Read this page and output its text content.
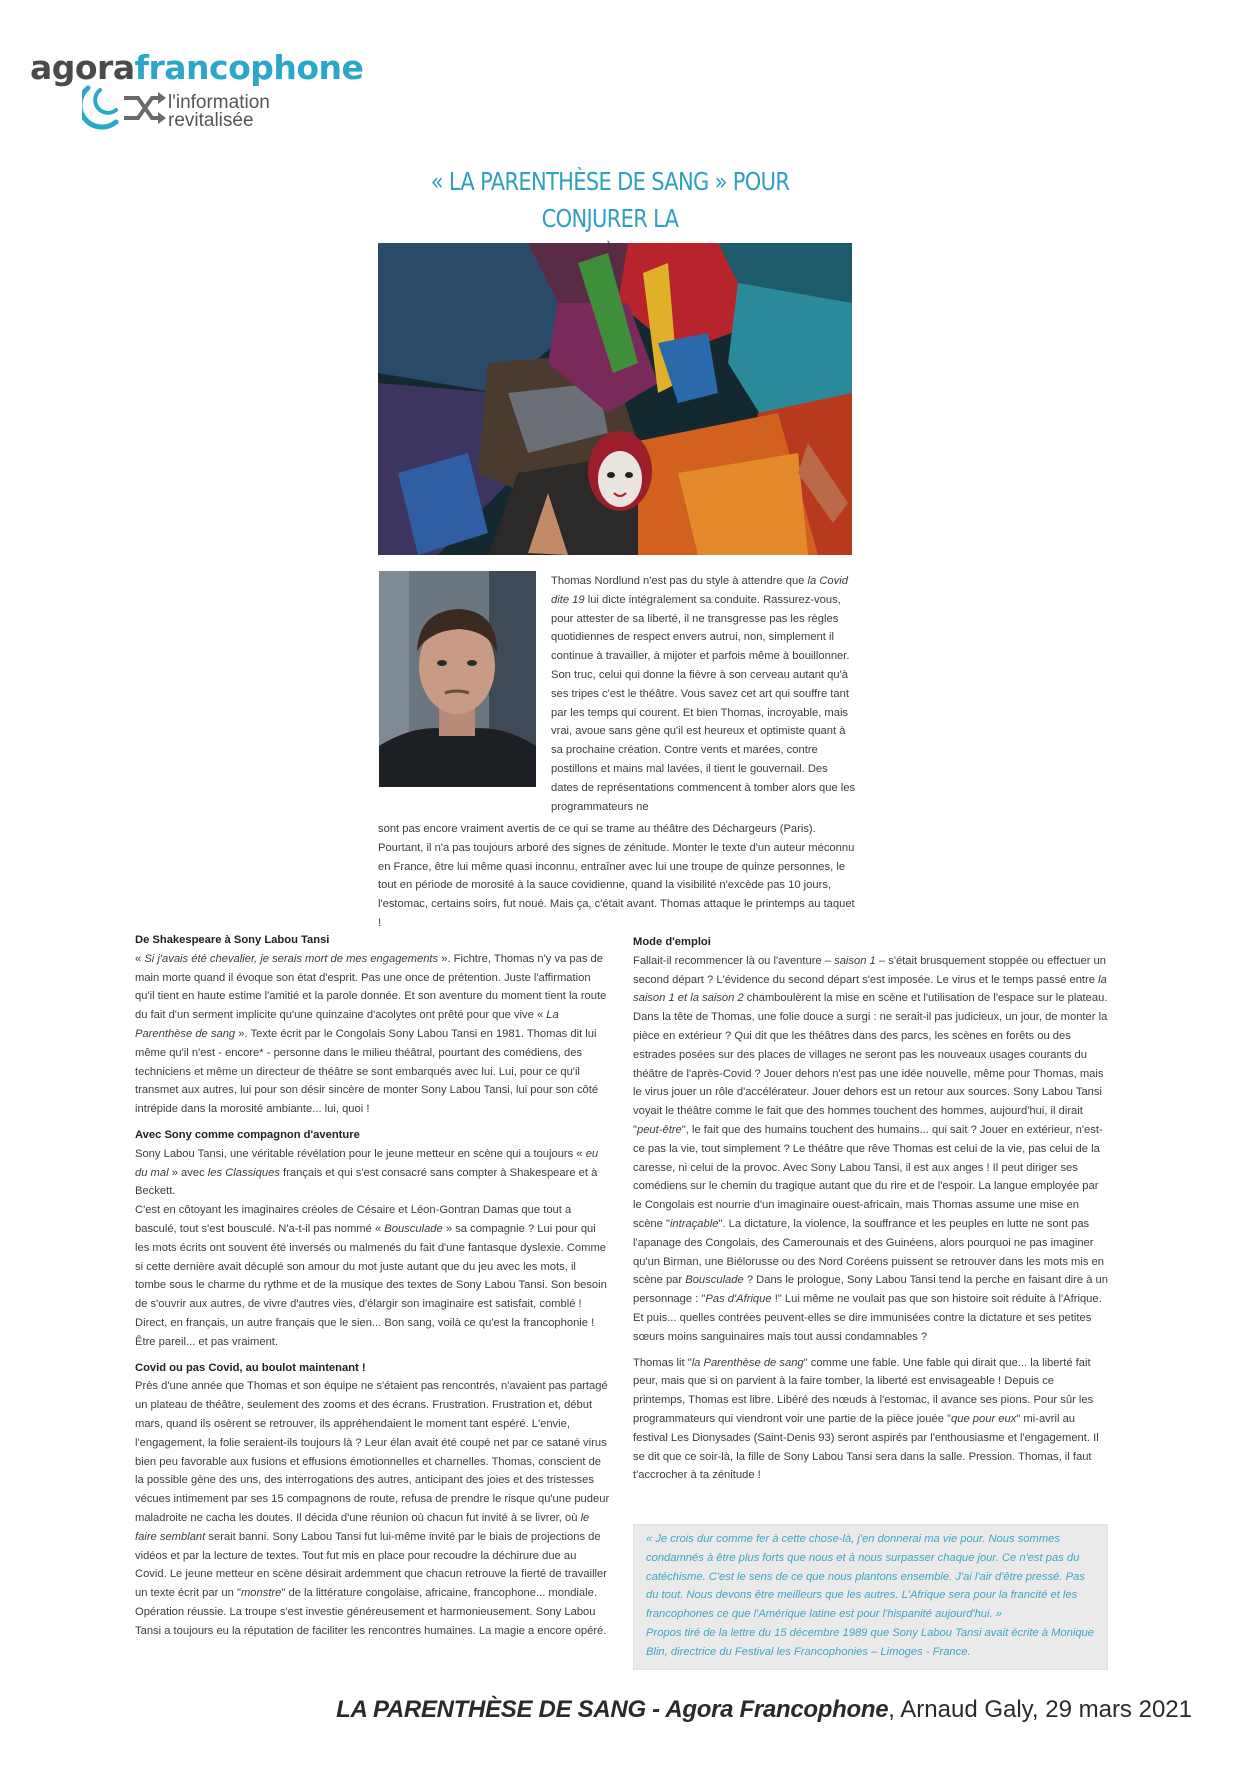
agorafrancophone
l'information
revitalisée
« LA PARENTHÈSE DE SANG » POUR CONJURER LA

Thomas Nordlund n'est pas du style à attendre que la Covid dite 19 lui dicte intégralement sa conduite. Rassurez-vous, pour attester de sa liberté, il ne transgresse pas les règles quotidiennes de respect envers autrui, non, simplement il continue à travailler, à mijoter et parfois même à bouillonner. Son truc, celui qui donne la fièvre à son cerveau autant qu'à ses tripes c'est le théâtre. Vous savez cet art qui souffre tant par les temps qui courent. Et bien Thomas, incroyable, mais vrai, avoue sans gène qu'il est heureux et optimiste quant à sa prochaine création. Contre vents et marées, contre postillons et mains mal lavées, il tient le gouvernail. Des dates de représentations commencent à tomber alors que les programmateurs ne

sont pas encore vraiment avertis de ce qui se trame au théâtre des Déchargeurs (Paris). Pourtant, il n'a pas toujours arboré des signes de zénitude. Monter le texte d'un auteur méconnu en France, être lui même quasi inconnu, entraîner avec lui une troupe de quinze personnes, le tout en période de morosité à la sauce covidienne, quand la visibilité n'excède pas 10 jours, l'estomac, certains soirs, fut noué. Mais ça, c'était avant. Thomas attaque le printemps au taquet !

De Shakespeare à Sony Labou Tansi

« Si j'avais été chevalier, je serais mort de mes engagements ». Fichtre, Thomas n'y va pas de main morte quand il évoque son état d'esprit. Pas une once de prétention. Juste l'affirmation qu'il tient en haute estime l'amitié et la parole donnée. Et son aventure du moment tient la route du fait d'un serment implicite qu'une quinzaine d'acolytes ont prêté pour que vive « La Parenthèse de sang ». Texte écrit par le Congolais Sony Labou Tansi en 1981. Thomas dit lui même qu'il n'est - encore* - personne dans le milieu théâtral, pourtant des comédiens, des techniciens et même un directeur de théâtre se sont embarqués avec lui. Lui, pour ce qu'il transmet aux autres, lui pour son désir sincère de monter Sony Labou Tansi, lui pour son côté intrépide dans la morosité ambiante... lui, quoi !

Avec Sony comme compagnon d'aventure

Sony Labou Tansi, une véritable révélation pour le jeune metteur en scène qui a toujours « eu du mal » avec les Classiques français et qui s'est consacré sans compter à Shakespeare et à Beckett.

C'est en côtoyant les imaginaires créoles de Césaire et Léon-Gontran Damas que tout a basculé, tout s'est bousculé. N'a-t-il pas nommé « Bousculade » sa compagnie ? Lui pour qui les mots écrits ont souvent été inversés ou malmenés du fait d'une fantasque dyslexie. Comme si cette dernière avait décuplé son amour du mot juste autant que du jeu avec les mots, il tombe sous le charme du rythme et de la musique des textes de Sony Labou Tansi. Son besoin de s'ouvrir aux autres, de vivre d'autres vies, d'élargir son imaginaire est satisfait, comblé ! Direct, en français, un autre français que le sien... Bon sang, voilà ce qu'est la francophonie ! Être pareil... et pas vraiment.

Covid ou pas Covid, au boulot maintenant !

Près d'une année que Thomas et son équipe ne s'étaient pas rencontrés, n'avaient pas partagé un plateau de théâtre, seulement des zooms et des écrans. Frustration. Frustration et, début mars, quand ils osèrent se retrouver, ils appréhendaient le moment tant espéré. L'envie, l'engagement, la folie seraient-ils toujours là ? Leur élan avait été coupé net par ce satané virus bien peu favorable aux fusions et effusions émotionnelles et charnelles. Thomas, conscient de la possible gène des uns, des interrogations des autres, anticipant des joies et des tristesses vécues intimement par ses 15 compagnons de route, refusa de prendre le risque qu'une pudeur maladroite ne cacha les doutes. Il décida d'une réunion où chacun fut invité à se livrer, où le faire semblant serait banni. Sony Labou Tansi fut lui-même invité par le biais de projections de vidéos et par la lecture de textes. Tout fut mis en place pour recoudre la déchirure due au Covid. Le jeune metteur en scène désirait ardemment que chacun retrouve la fierté de travailler un texte écrit par un "monstre" de la littérature congolaise, africaine, francophone... mondiale. Opération réussie. La troupe s'est investie généreusement et harmonieusement. Sony Labou Tansi a toujours eu la réputation de faciliter les rencontres humaines. La magie a encore opéré.

Mode d'emploi

Fallait-il recommencer là ou l'aventure – saison 1 – s'était brusquement stoppée ou effectuer un second départ ? L'évidence du second départ s'est imposée. Le virus et le temps passé entre la saison 1 et la saison 2 chamboulèrent la mise en scène et l'utilisation de l'espace sur le plateau. Dans la tête de Thomas, une folie douce a surgi : ne serait-il pas judicieux, un jour, de monter la pièce en extérieur ? Qui dit que les théâtres dans des parcs, les scènes en forêts ou des estrades posées sur des places de villages ne seront pas les nouveaux usages courants du théâtre de l'après-Covid ? Jouer dehors n'est pas une idée nouvelle, même pour Thomas, mais le virus jouer un rôle d'accélérateur. Jouer dehors est un retour aux sources. Sony Labou Tansi voyait le théâtre comme le fait que des hommes touchent des hommes, aujourd'hui, il dirait "peut-être", le fait que des humains touchent des humains... qui sait ? Jouer en extérieur, n'est-ce pas la vie, tout simplement ? Le théâtre que rêve Thomas est celui de la vie, pas celui de la caresse, ni celui de la provoc. Avec Sony Labou Tansi, il est aux anges ! Il peut diriger ses comédiens sur le chemin du tragique autant que du rire et de l'espoir. La langue employée par le Congolais est nourrie d'un imaginaire ouest-africain, mais Thomas assume une mise en scène "intraçable". La dictature, la violence, la souffrance et les peuples en lutte ne sont pas l'apanage des Congolais, des Camerounais et des Guinéens, alors pourquoi ne pas imaginer qu'un Birman, une Biélorusse ou des Nord Coréens puissent se retrouver dans les mots mis en scène par Bousculade ? Dans le prologue, Sony Labou Tansi tend la perche en faisant dire à un personnage : "Pas d'Afrique !" Lui même ne voulait pas que son histoire soit réduite à l'Afrique. Et puis... quelles contrées peuvent-elles se dire immunisées contre la dictature et ses petites sœurs moins sanguinaires mais tout aussi condamnables ?

Thomas lit "la Parenthèse de sang" comme une fable. Une fable qui dirait que... la liberté fait peur, mais que si on parvient à la faire tomber, la liberté est envisageable ! Depuis ce printemps, Thomas est libre. Libéré des nœuds à l'estomac, il avance ses pions. Pour sûr les programmateurs qui viendront voir une partie de la pièce jouée "que pour eux" mi-avril au festival Les Dionysades (Saint-Denis 93) seront aspirés par l'enthousiasme et l'engagement. Il se dit que ce soir-là, la fille de Sony Labou Tansi sera dans la salle. Pression. Thomas, il faut t'accrocher à ta zénitude !

« Je crois dur comme fer à cette chose-là, j'en donnerai ma vie pour. Nous sommes condamnés à être plus forts que nous et à nous surpasser chaque jour. Ce n'est pas du catéchisme. C'est le sens de ce que nous plantons ensemble. J'ai l'air d'être pressé. Pas du tout. Nous devons être meilleurs que les autres. L'Afrique sera pour la francité et les francophones ce que l'Amérique latine est pour l'hispanité aujourd'hui. »

Propos tiré de la lettre du 15 décembre 1989 que Sony Labou Tansi avait écrite à Monique Blin, directrice du Festival les Francophonies – Limoges - France.

LA PARENTHÈSE DE SANG - Agora Francophone, Arnaud Galy, 29 mars 2021
